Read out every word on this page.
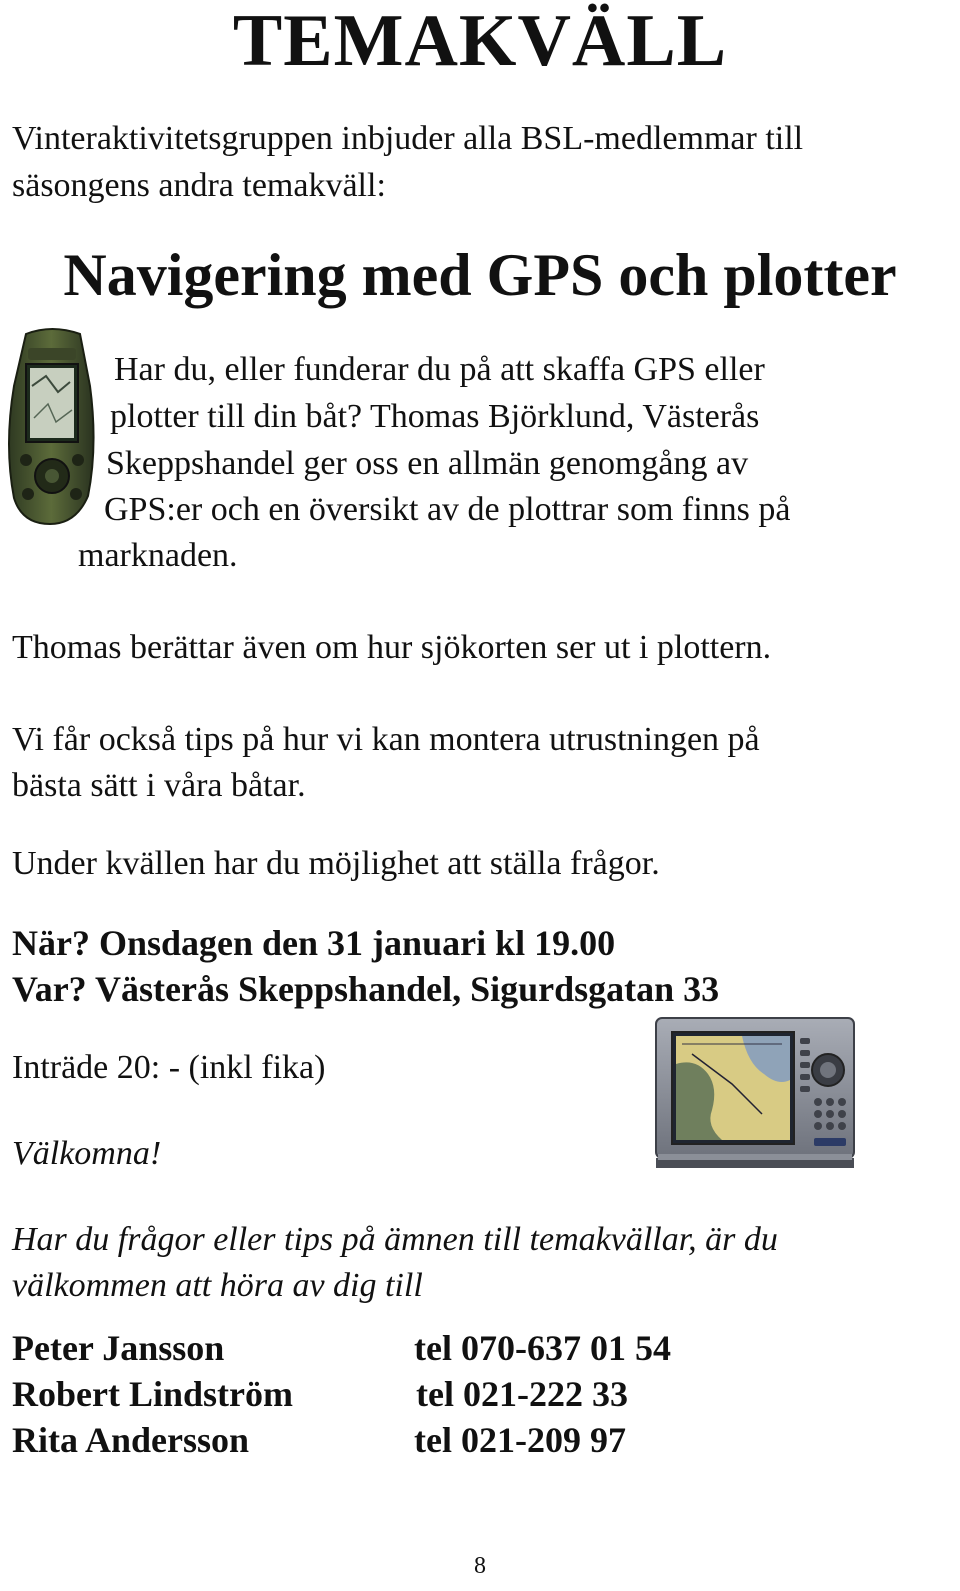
TEMAKVÄLL
Vinteraktivitetsgruppen inbjuder alla BSL-medlemmar till
säsongens andra temakväll:
Navigering med GPS och plotter
Har du, eller funderar du på att skaffa GPS eller
plotter till din båt? Thomas Björklund, Västerås
Skeppshandel ger oss en allmän genomgång av
GPS:er och en översikt av de plottrar som finns på
marknaden.
Thomas berättar även om hur sjökorten ser ut i plottern.
Vi får också tips på hur vi kan montera utrustningen på
bästa sätt i våra båtar.
Under kvällen har du möjlighet att ställa frågor.
När? Onsdagen den 31 januari kl 19.00
Var? Västerås Skeppshandel, Sigurdsgatan 33
Inträde 20: - (inkl fika)
Välkomna!
Har du frågor eller tips på ämnen till temakvällar, är du
välkommen att höra av dig till
Peter Jansson	tel 070-637 01 54
Robert Lindström	tel 021-222 33
Rita Andersson	tel 021-209 97
8
